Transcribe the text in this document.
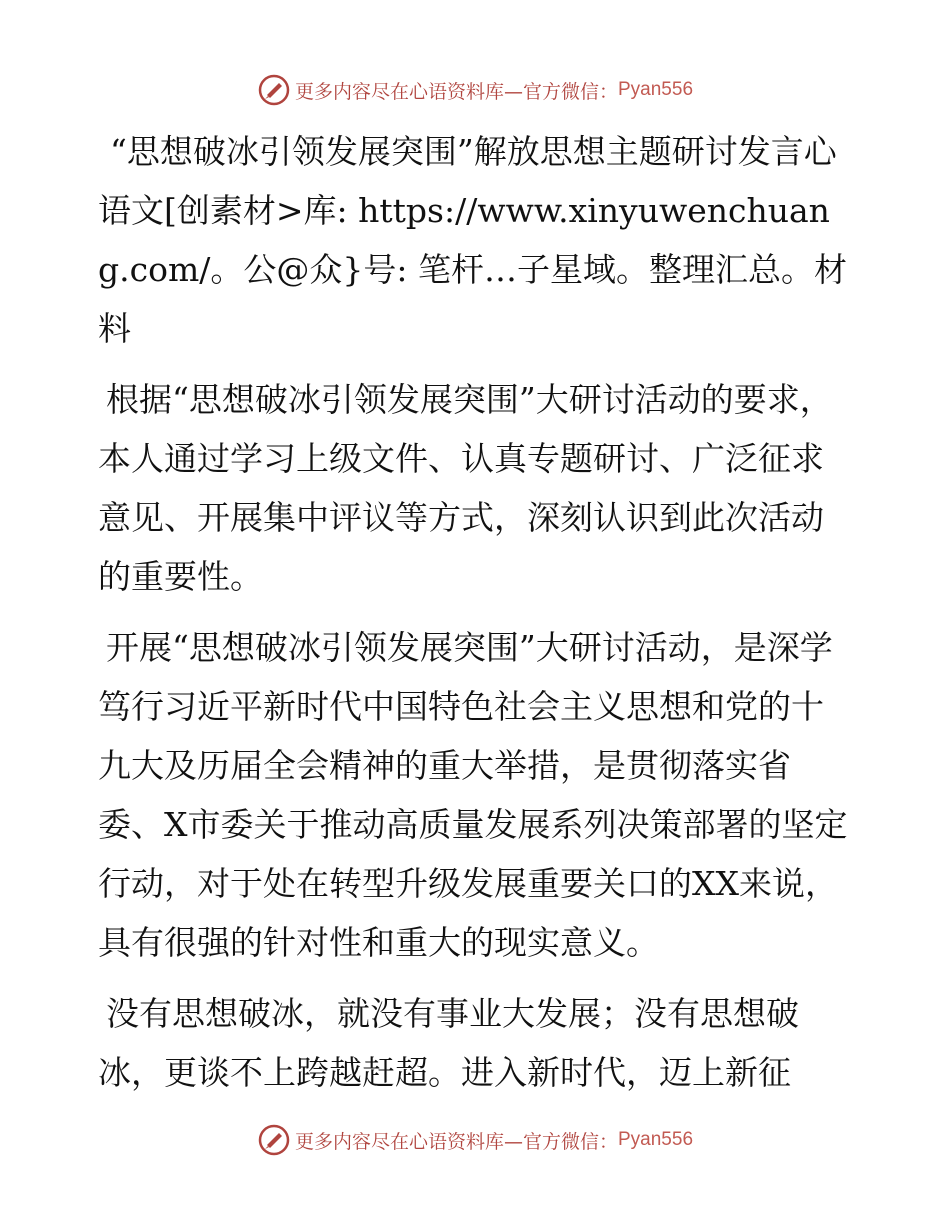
更多内容尽在心语资料库 —官方微信： Pyan556

“思想破冰引领发展突围”解放思想主题研讨发言心语文[创素材>库: https://www.xinyuwenchuang.com/。公@众}号: 笔杆…子星域。整理汇总。材料

根据“思想破冰引领发展突围”大研讨活动的要求，本人通过学习上级文件、认真专题研讨、广泛征求意见、开展集中评议等方式，深刻认识到此次活动的重要性。

开展“思想破冰引领发展突围”大研讨活动，是深学笃行习近平新时代中国特色社会主义思想和党的十九大及历届全会精神的重大举措，是贯彻落实省委、X市委关于推动高质量发展系列决策部署的坚定行动，对于处在转型升级发展重要关口的XX来说，具有很强的针对性和重大的现实意义。

没有思想破冰，就没有事业大发展；没有思想破冰，更谈不上跨越赶超。进入新时代，迈上新征

更多内容尽在心语资料库 —官方微信： Pyan556
